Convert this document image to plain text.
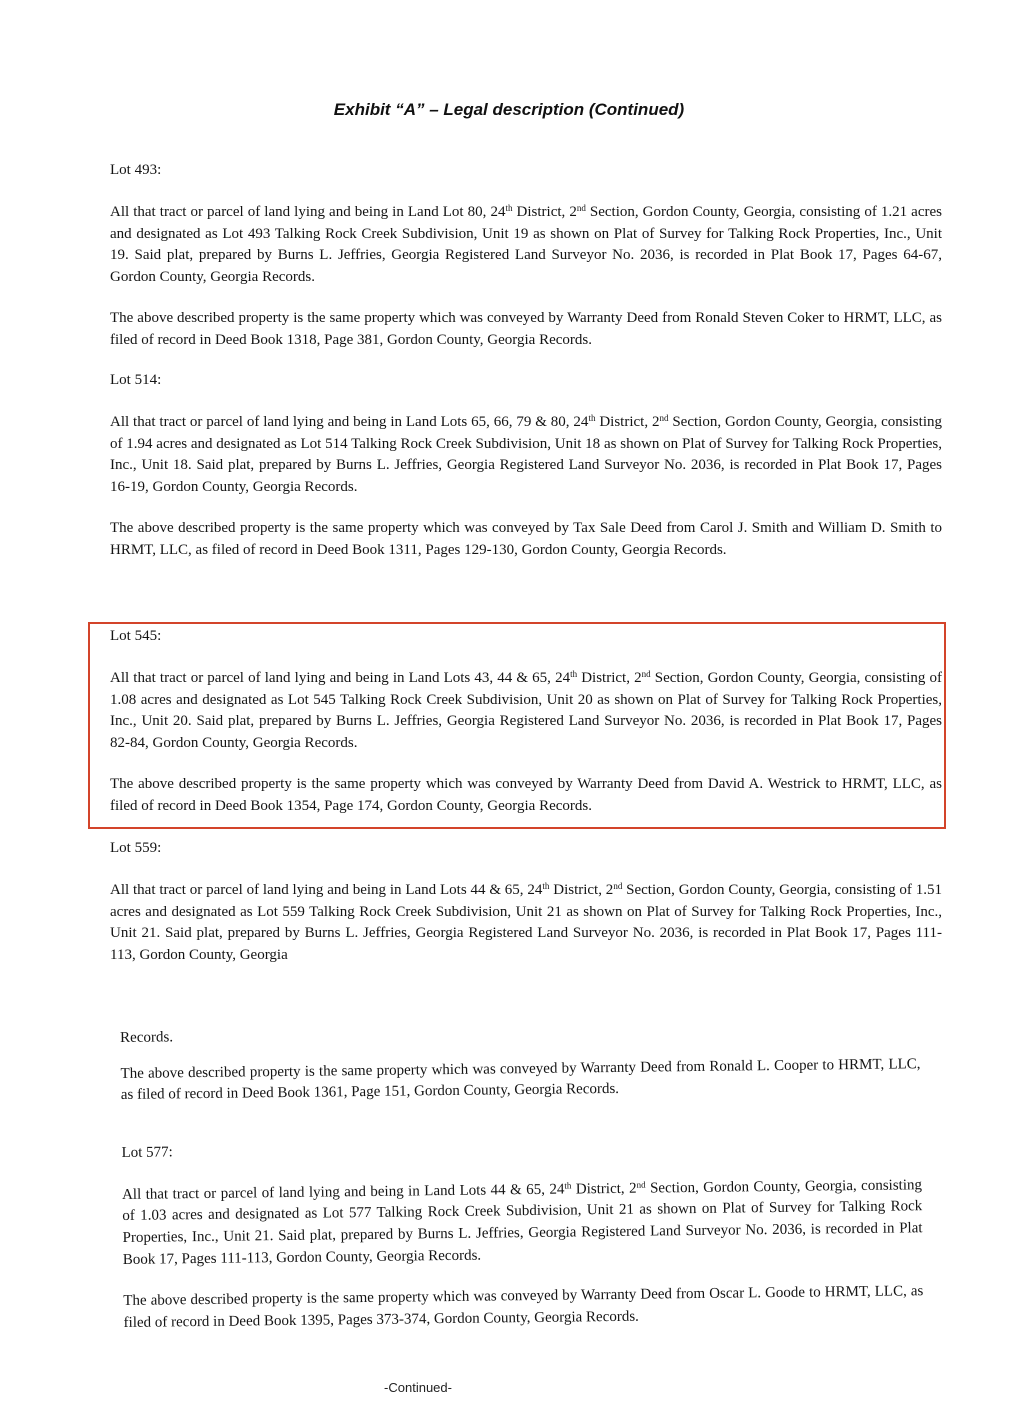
Exhibit “A” – Legal description (Continued)
Lot 493:
All that tract or parcel of land lying and being in Land Lot 80, 24th District, 2nd Section, Gordon County, Georgia, consisting of 1.21 acres and designated as Lot 493 Talking Rock Creek Subdivision, Unit 19 as shown on Plat of Survey for Talking Rock Properties, Inc., Unit 19. Said plat, prepared by Burns L. Jeffries, Georgia Registered Land Surveyor No. 2036, is recorded in Plat Book 17, Pages 64-67, Gordon County, Georgia Records.
The above described property is the same property which was conveyed by Warranty Deed from Ronald Steven Coker to HRMT, LLC, as filed of record in Deed Book 1318, Page 381, Gordon County, Georgia Records.
Lot 514:
All that tract or parcel of land lying and being in Land Lots 65, 66, 79 & 80, 24th District, 2nd Section, Gordon County, Georgia, consisting of 1.94 acres and designated as Lot 514 Talking Rock Creek Subdivision, Unit 18 as shown on Plat of Survey for Talking Rock Properties, Inc., Unit 18. Said plat, prepared by Burns L. Jeffries, Georgia Registered Land Surveyor No. 2036, is recorded in Plat Book 17, Pages 16-19, Gordon County, Georgia Records.
The above described property is the same property which was conveyed by Tax Sale Deed from Carol J. Smith and William D. Smith to HRMT, LLC, as filed of record in Deed Book 1311, Pages 129-130, Gordon County, Georgia Records.
Lot 545:
All that tract or parcel of land lying and being in Land Lots 43, 44 & 65, 24th District, 2nd Section, Gordon County, Georgia, consisting of 1.08 acres and designated as Lot 545 Talking Rock Creek Subdivision, Unit 20 as shown on Plat of Survey for Talking Rock Properties, Inc., Unit 20. Said plat, prepared by Burns L. Jeffries, Georgia Registered Land Surveyor No. 2036, is recorded in Plat Book 17, Pages 82-84, Gordon County, Georgia Records.
The above described property is the same property which was conveyed by Warranty Deed from David A. Westrick to HRMT, LLC, as filed of record in Deed Book 1354, Page 174, Gordon County, Georgia Records.
Lot 559:
All that tract or parcel of land lying and being in Land Lots 44 & 65, 24th District, 2nd Section, Gordon County, Georgia, consisting of 1.51 acres and designated as Lot 559 Talking Rock Creek Subdivision, Unit 21 as shown on Plat of Survey for Talking Rock Properties, Inc., Unit 21. Said plat, prepared by Burns L. Jeffries, Georgia Registered Land Surveyor No. 2036, is recorded in Plat Book 17, Pages 111-113, Gordon County, Georgia
Records.
The above described property is the same property which was conveyed by Warranty Deed from Ronald L. Cooper to HRMT, LLC, as filed of record in Deed Book 1361, Page 151, Gordon County, Georgia Records.
Lot 577:
All that tract or parcel of land lying and being in Land Lots 44 & 65, 24th District, 2nd Section, Gordon County, Georgia, consisting of 1.03 acres and designated as Lot 577 Talking Rock Creek Subdivision, Unit 21 as shown on Plat of Survey for Talking Rock Properties, Inc., Unit 21. Said plat, prepared by Burns L. Jeffries, Georgia Registered Land Surveyor No. 2036, is recorded in Plat Book 17, Pages 111-113, Gordon County, Georgia Records.
The above described property is the same property which was conveyed by Warranty Deed from Oscar L. Goode to HRMT, LLC, as filed of record in Deed Book 1395, Pages 373-374, Gordon County, Georgia Records.
-Continued-
